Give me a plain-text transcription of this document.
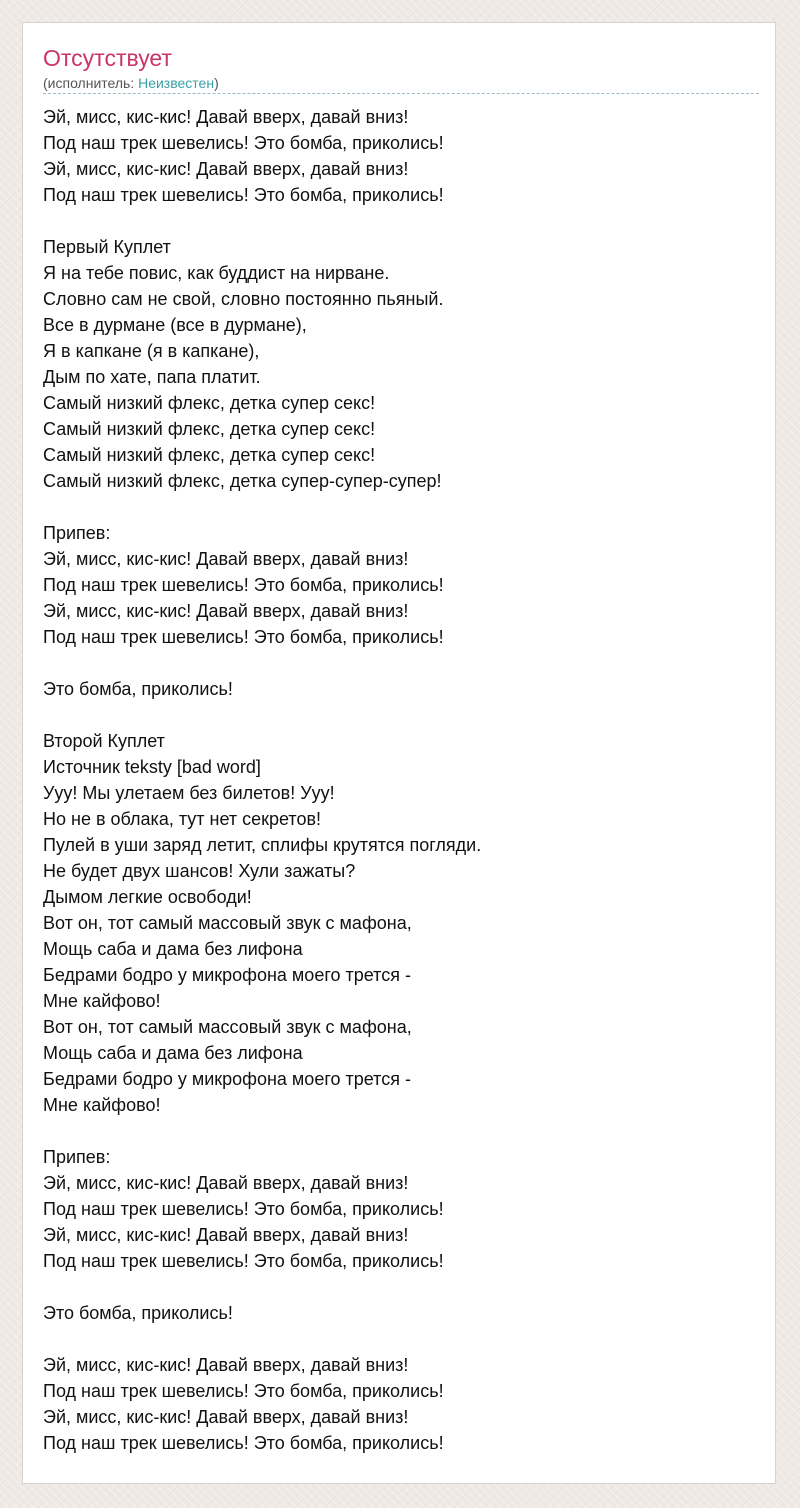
Отсутствует
(исполнитель: Неизвестен)
Эй, мисс, кис-кис! Давай вверх, давай вниз!
Под наш трек шевелись! Это бомба, приколись!
Эй, мисс, кис-кис! Давай вверх, давай вниз!
Под наш трек шевелись! Это бомба, приколись!

Первый Куплет
Я на тебе повис, как буддист на нирване.
Словно сам не свой, словно постоянно пьяный.
Все в дурмане (все в дурмане),
Я в капкане (я в капкане),
Дым по хате, папа платит.
Самый низкий флекс, детка супер секс!
Самый низкий флекс, детка супер секс!
Самый низкий флекс, детка супер секс!
Самый низкий флекс, детка супер-супер-супер!

Припев:
Эй, мисс, кис-кис! Давай вверх, давай вниз!
Под наш трек шевелись! Это бомба, приколись!
Эй, мисс, кис-кис! Давай вверх, давай вниз!
Под наш трек шевелись! Это бомба, приколись!

Это бомба, приколись!

Второй Куплет
Источник teksty [bad word]
Ууу! Мы улетаем без билетов! Ууу!
Но не в облака, тут нет секретов!
Пулей в уши заряд летит, сплифы крутятся погляди.
Не будет двух шансов! Хули зажаты?
Дымом легкие освободи!
Вот он, тот самый массовый звук с мафона,
Мощь саба и дама без лифона
Бедрами бодро у микрофона моего трется -
Мне кайфово!
Вот он, тот самый массовый звук с мафона,
Мощь саба и дама без лифона
Бедрами бодро у микрофона моего трется -
Мне кайфово!

Припев:
Эй, мисс, кис-кис! Давай вверх, давай вниз!
Под наш трек шевелись! Это бомба, приколись!
Эй, мисс, кис-кис! Давай вверх, давай вниз!
Под наш трек шевелись! Это бомба, приколись!

Это бомба, приколись!

Эй, мисс, кис-кис! Давай вверх, давай вниз!
Под наш трек шевелись! Это бомба, приколись!
Эй, мисс, кис-кис! Давай вверх, давай вниз!
Под наш трек шевелись! Это бомба, приколись!
